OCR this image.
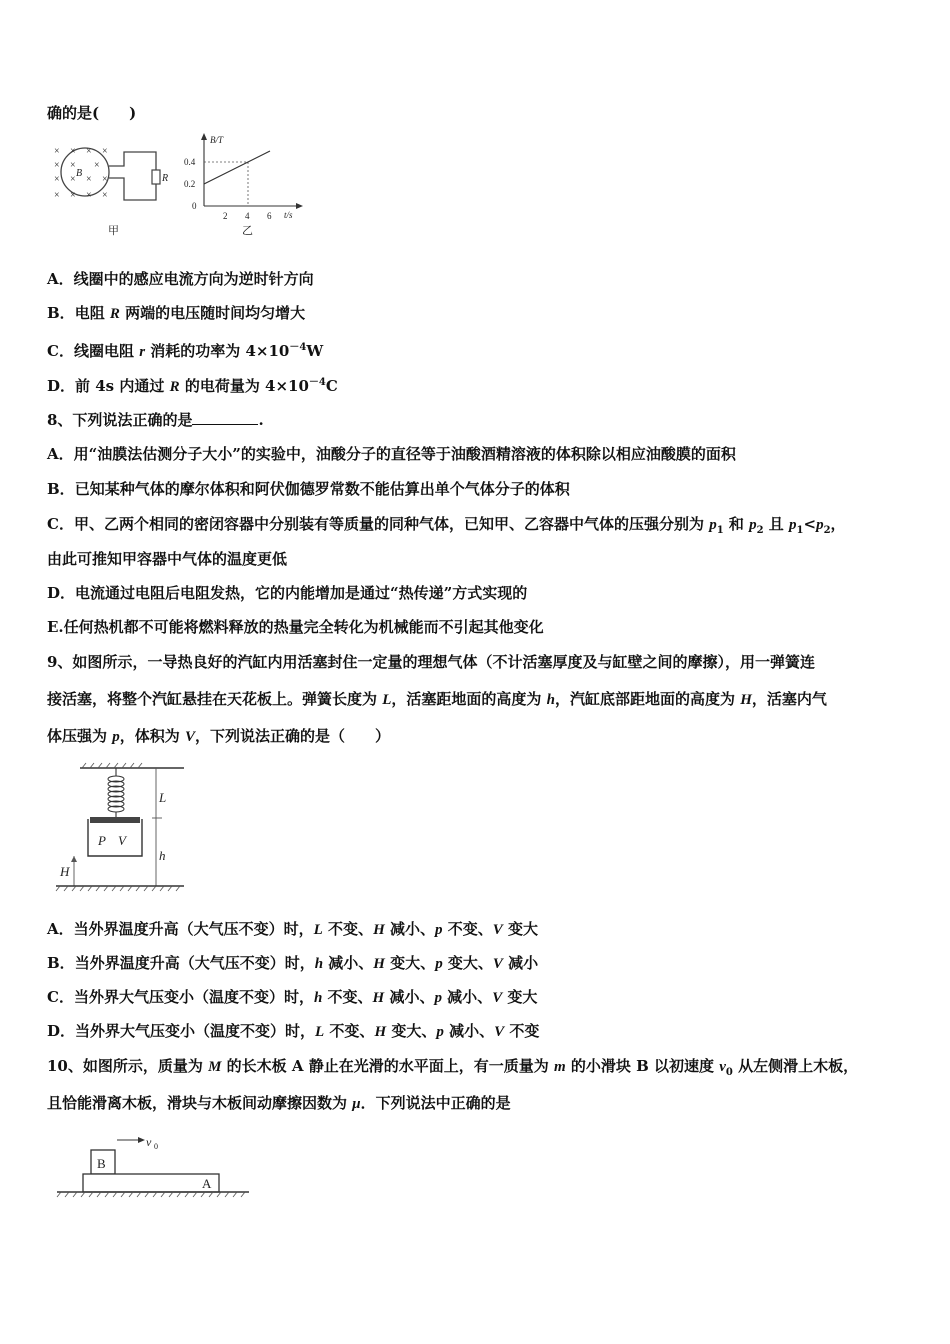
确的是(　　)
× × × ×
× × ×
× × × ×
× × × ×
B	R
甲
B/T
t/s
0.4
0.2
0
2 4 6
乙
A．线圈中的感应电流方向为逆时针方向
B．电阻 R 两端的电压随时间均匀增大
C．线圈电阻 r 消耗的功率为 $4\times 10^{-4}W$
D．前 4s 内通过 R 的电荷量为 $4\times 10^{-4}C$
8、下列说法正确的是	.
A．用“油膜法估测分子大小”的实验中，油酸分子的直径等于油酸酒精溶液的体积除以相应油酸膜的面积
B．已知某种气体的摩尔体积和阿伏伽德罗常数不能估算出单个气体分子的体积
C．甲、乙两个相同的密闭容器中分别装有等质量的同种气体，已知甲、乙容器中气体的压强分别为 $p_1$ 和 $p_2$ 且 $p_1<p_2$，
由此可推知甲容器中气体的温度更低
D．电流通过电阻后电阻发热，它的内能增加是通过“热传递”方式实现的
E.任何热机都不可能将燃料释放的热量完全转化为机械能而不引起其他变化
9、如图所示，一导热良好的汽缸内用活塞封住一定量的理想气体（不计活塞厚度及与缸壁之间的摩擦），用一弹簧连
接活塞，将整个汽缸悬挂在天花板上。弹簧长度为 L，活塞距地面的高度为 h，汽缸底部距地面的高度为 H，活塞内气
体压强为 p，体积为 V，下列说法正确的是（　　）
P V
L

h
H
A．当外界温度升高（大气压不变）时，L 不变、H 减小、p 不变、V 变大
B．当外界温度升高（大气压不变）时，h 减小、H 变大、p 变大、V 减小
C．当外界大气压变小（温度不变）时，h 不变、H 减小、p 减小、V 变大
D．当外界大气压变小（温度不变）时，L 不变、H 变大、p 减小、V 不变
10、如图所示，质量为 M 的长木板 A 静止在光滑的水平面上，有一质量为 m 的小滑块 B 以初速度 $v_0$ 从左侧滑上木板，
且恰能滑离木板，滑块与木板间动摩擦因数为 μ．下列说法中正确的是
v 0
B
A
